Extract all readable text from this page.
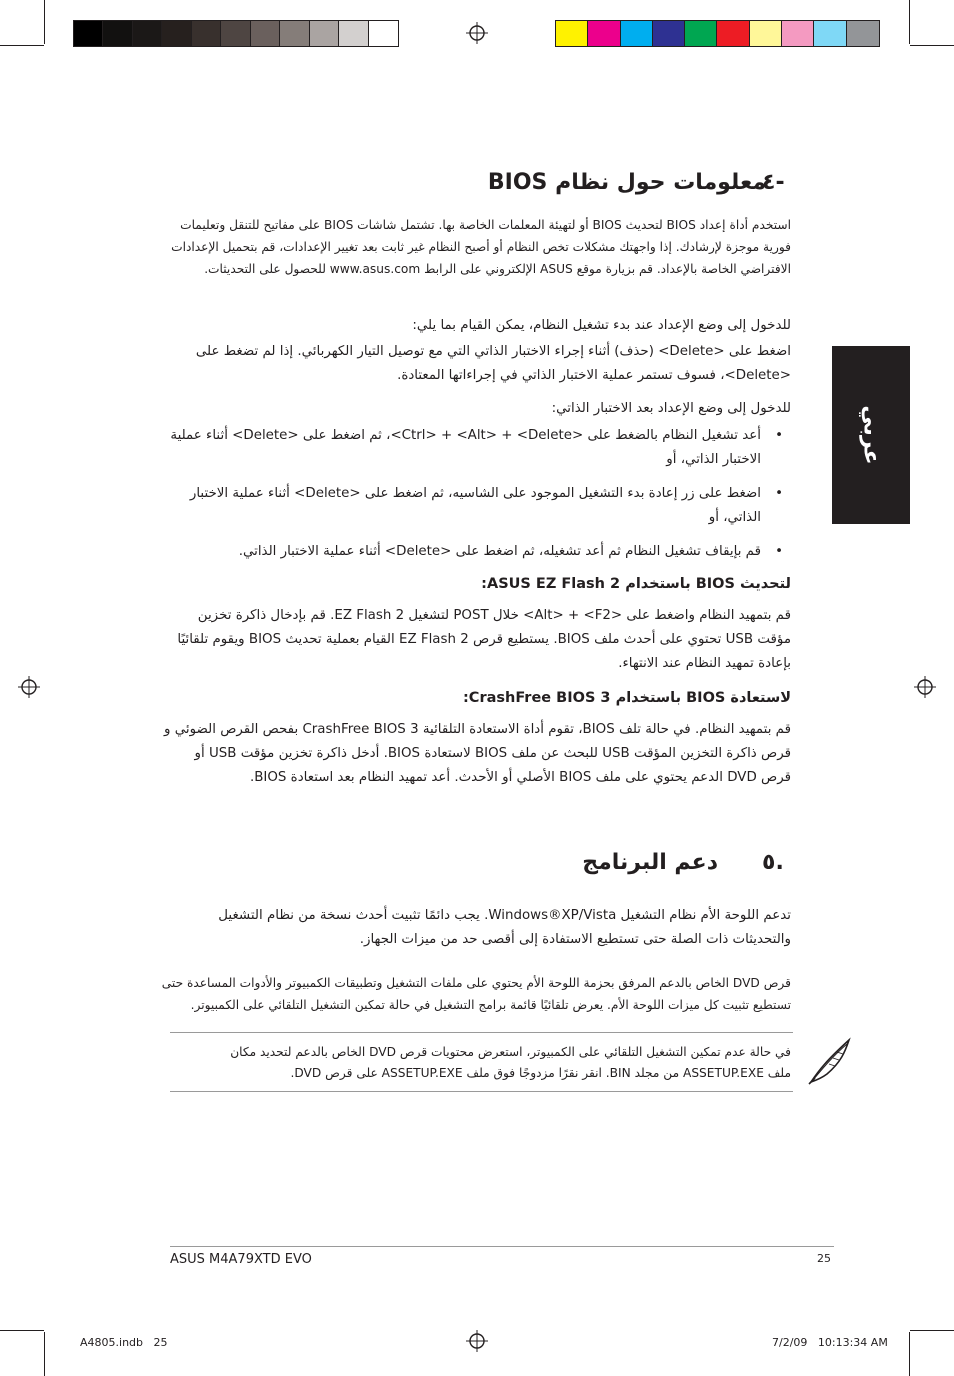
عربي
٤-
معلومات حول نظام BIOS
استخدم أداة إعداد BIOS لتحديث BIOS أو لتهيئة المعلمات الخاصة بها. تشتمل شاشات BIOS على مفاتيح للتنقل وتعليمات فورية موجزة لإرشادك. إذا واجهتك مشكلات تخص النظام أو أصبح النظام غير ثابت بعد تغيير الإعدادات، قم بتحميل الإعدادات الافتراضي الخاصة بالإعداد. قم بزيارة موقع ASUS الإلكتروني على الرابط www.asus.com للحصول على التحديثات.
للدخول إلى وضع الإعداد عند بدء تشغيل النظام، يمكن القيام بما يلي:
اضغط على <Delete> (حذف) أثناء إجراء الاختبار الذاتي التي مع توصيل التيار الكهربائي. إذا لم تضغط على <Delete>، فسوف تستمر عملية الاختبار الذاتي في إجراءاتها المعتادة.
للدخول إلى وضع الإعداد بعد الاختبار الذاتي:
• أعد تشغيل النظام بالضغط على <Ctrl> + <Alt> + <Delete>، ثم اضغط على <Delete> أثناء عملية الاختبار الذاتي، أو
• اضغط على زر إعادة بدء التشغيل الموجود على الشاسيه، ثم اضغط على <Delete> أثناء عملية الاختبار الذاتي، أو
• قم بإيقاف تشغيل النظام ثم أعد تشغيله، ثم اضغط على <Delete> أثناء عملية الاختبار الذاتي.
لتحديث BIOS باستخدام ASUS EZ Flash 2:
قم بتمهيد النظام واضغط على <Alt> + <F2> خلال POST لتشغيل EZ Flash 2. قم بإدخال ذاكرة تخزين مؤقت USB تحتوي على أحدث ملف BIOS. يستطيع قرص EZ Flash 2 القيام بعملية تحديث BIOS ويقوم تلقائيًا بإعادة تمهيد النظام عند الانتهاء.
لاستعادة BIOS باستخدام CrashFree BIOS 3:
قم بتمهيد النظام. في حالة تلف BIOS، تقوم أداة الاستعادة التلقائية CrashFree BIOS 3 بفحص القرص الضوئي و قرص ذاكرة التخزين المؤقت USB للبحث عن ملف BIOS لاستعادة BIOS. أدخل ذاكرة تخزين مؤقت USB أو قرص DVD الدعم يحتوي على ملف BIOS الأصلي أو الأحدث. أعد تمهيد النظام بعد استعادة BIOS.
٥.
دعم البرنامج
تدعم اللوحة الأم نظام التشغيل Windows®XP/Vista. يجب دائمًا تثبيت أحدث نسخة من نظام التشغيل والتحديثات ذات الصلة حتى تستطيع الاستفادة إلى أقصى حد من ميزات الجهاز.
قرص DVD الخاص بالدعم المرفق بحزمة اللوحة الأم يحتوي على ملفات التشغيل وتطبيقات الكمبيوتر والأدوات المساعدة حتى تستطيع تثبيت كل ميزات اللوحة الأم. يعرض تلقائيًا قائمة برامج التشغيل في حالة تمكين التشغيل التلقائي على الكمبيوتر.
في حالة عدم تمكين التشغيل التلقائي على الكمبيوتر، استعرض محتويات قرص DVD الخاص بالدعم لتحديد مكان ملف ASSETUP.EXE من مجلد BIN. انقر نقرًا مزدوجًا فوق ملف ASSETUP.EXE على قرص DVD.
ASUS M4A79XTD EVO	25
A4805.indb   25	7/2/09   10:13:34 AM
